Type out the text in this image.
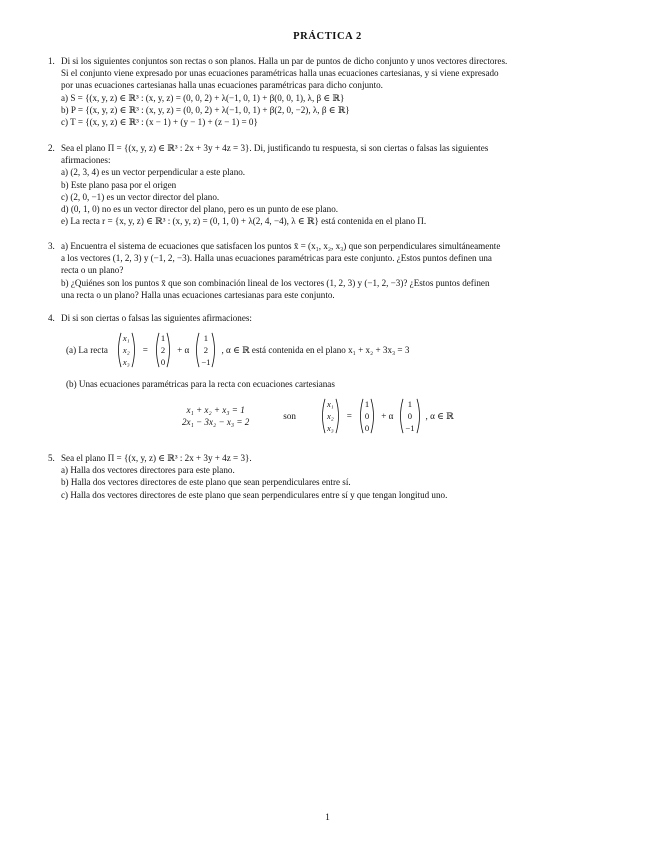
PRÁCTICA 2
1. Di si los siguientes conjuntos son rectas o son planos. Halla un par de puntos de dicho conjunto y unos vectores directores.
Si el conjunto viene expresado por unas ecuaciones paramétricas halla unas ecuaciones cartesianas, y si viene expresado
por unas ecuaciones cartesianas halla unas ecuaciones paramétricas para dicho conjunto.
a) S = {(x, y, z) ∈ ℝ³ : (x, y, z) = (0, 0, 2) + λ(−1, 0, 1) + β(0, 0, 1), λ, β ∈ ℝ}
b) P = {(x, y, z) ∈ ℝ³ : (x, y, z) = (0, 0, 2) + λ(−1, 0, 1) + β(2, 0, −2), λ, β ∈ ℝ}
c) T = {(x, y, z) ∈ ℝ³ : (x − 1) + (y − 1) + (z − 1) = 0}
2. Sea el plano Π = {(x, y, z) ∈ ℝ³ : 2x + 3y + 4z = 3}. Di, justificando tu respuesta, si son ciertas o falsas las siguientes
afirmaciones:
a) (2, 3, 4) es un vector perpendicular a este plano.
b) Este plano pasa por el origen
c) (2, 0, −1) es un vector director del plano.
d) (0, 1, 0) no es un vector director del plano, pero es un punto de ese plano.
e) La recta r = {x, y, z) ∈ ℝ³ : (x, y, z) = (0, 1, 0) + λ(2, 4, −4), λ ∈ ℝ} está contenida en el plano Π.
3. a) Encuentra el sistema de ecuaciones que satisfacen los puntos x̄ = (x₁, x₂, x₃) que son perpendiculares simultáneamente
a los vectores (1, 2, 3) y (−1, 2, −3). Halla unas ecuaciones paramétricas para este conjunto. ¿Estos puntos definen una
recta o un plano?
b) ¿Quiénes son los puntos x̄ que son combinación lineal de los vectores (1, 2, 3) y (−1, 2, −3)? ¿Estos puntos definen
una recta o un plano? Halla unas ecuaciones cartesianas para este conjunto.
4. Di si son ciertas o falsas las siguientes afirmaciones:
(a) La recta
x₁
x₂
x₃
=
1
2
0
+ α
1
2
−1
, α ∈ ℝ está contenida en el plano x₁ + x₂ + 3x₃ = 3
(b) Unas ecuaciones paramétricas para la recta con ecuaciones cartesianas
x₁ + x₂ + x₃ = 1
2x₁ − 3x₂ − x₃ = 2
son
x₁
x₂
x₃
=
1
0
0
+ α
1
0
−1
, α ∈ ℝ
5. Sea el plano Π = {(x, y, z) ∈ ℝ³ : 2x + 3y + 4z = 3}.
a) Halla dos vectores directores para este plano.
b) Halla dos vectores directores de este plano que sean perpendiculares entre sí.
c) Halla dos vectores directores de este plano que sean perpendiculares entre sí y que tengan longitud uno.
1
